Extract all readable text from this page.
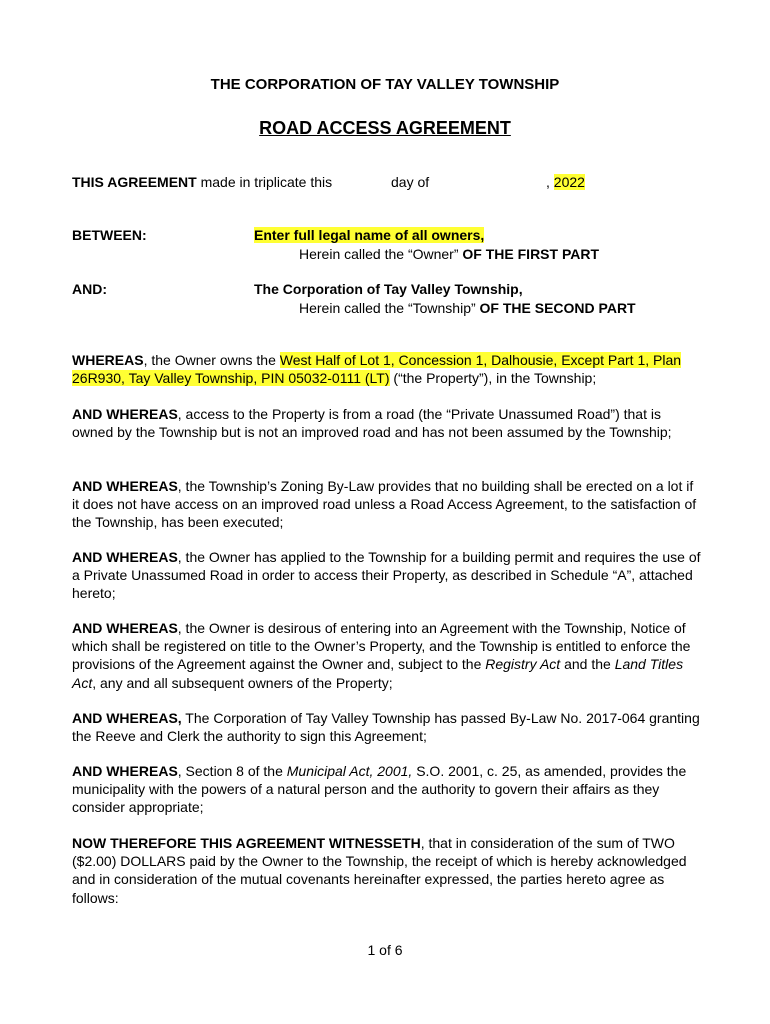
THE CORPORATION OF TAY VALLEY TOWNSHIP
ROAD ACCESS AGREEMENT
THIS AGREEMENT made in triplicate this	day of	, 2022
BETWEEN:	Enter full legal name of all owners,
Herein called the “Owner” OF THE FIRST PART
AND:	The Corporation of Tay Valley Township,
Herein called the “Township” OF THE SECOND PART
WHEREAS, the Owner owns the West Half of Lot 1, Concession 1, Dalhousie, Except Part 1, Plan 26R930, Tay Valley Township, PIN 05032-0111 (LT) (“the Property”), in the Township;
AND WHEREAS, access to the Property is from a road (the “Private Unassumed Road”) that is owned by the Township but is not an improved road and has not been assumed by the Township;
AND WHEREAS, the Township’s Zoning By-Law provides that no building shall be erected on a lot if it does not have access on an improved road unless a Road Access Agreement, to the satisfaction of the Township, has been executed;
AND WHEREAS, the Owner has applied to the Township for a building permit and requires the use of a Private Unassumed Road in order to access their Property, as described in Schedule “A”, attached hereto;
AND WHEREAS, the Owner is desirous of entering into an Agreement with the Township, Notice of which shall be registered on title to the Owner’s Property, and the Township is entitled to enforce the provisions of the Agreement against the Owner and, subject to the Registry Act and the Land Titles Act, any and all subsequent owners of the Property;
AND WHEREAS, The Corporation of Tay Valley Township has passed By-Law No. 2017-064 granting the Reeve and Clerk the authority to sign this Agreement;
AND WHEREAS, Section 8 of the Municipal Act, 2001, S.O. 2001, c. 25, as amended, provides the municipality with the powers of a natural person and the authority to govern their affairs as they consider appropriate;
NOW THEREFORE THIS AGREEMENT WITNESSETH, that in consideration of the sum of TWO ($2.00) DOLLARS paid by the Owner to the Township, the receipt of which is hereby acknowledged and in consideration of the mutual covenants hereinafter expressed, the parties hereto agree as follows:
1 of 6
